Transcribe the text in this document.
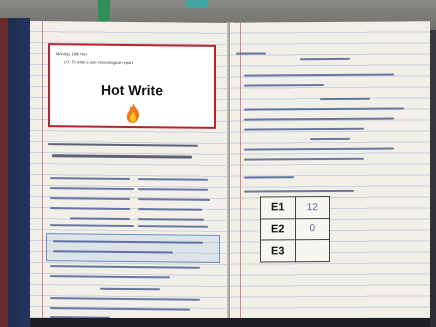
Monday 18th Nov
LO: To write a non-chronological report
Hot Write
E1	12
E2	0
E3	
